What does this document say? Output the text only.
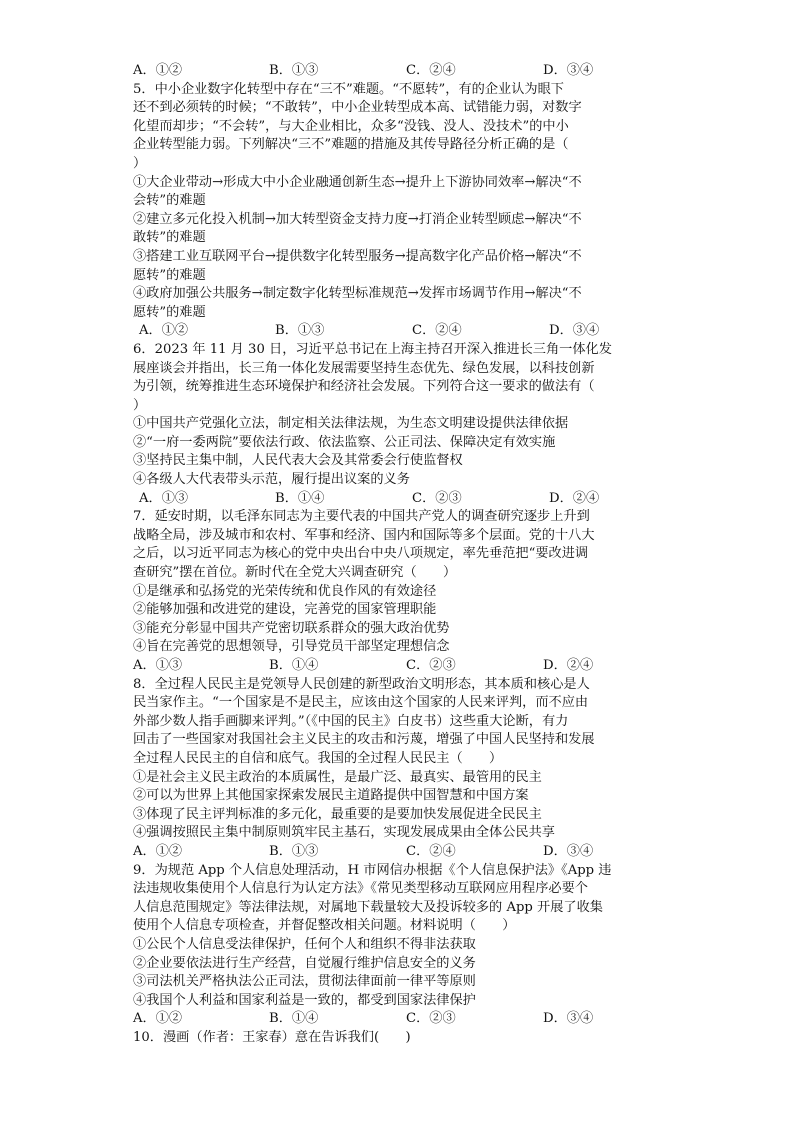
A．①②	B．①③	C．②④	D．③④
5．中小企业数字化转型中存在“三不”难题。“不愿转”，有的企业认为眼下
还不到必须转的时候；“不敢转”，中小企业转型成本高、试错能力弱，对数字
化望而却步；“不会转”，与大企业相比，众多“没钱、没人、没技术”的中小
企业转型能力弱。下列解决“三不”难题的措施及其传导路径分析正确的是（
）
①大企业带动→形成大中小企业融通创新生态→提升上下游协同效率→解决“不
会转”的难题
②建立多元化投入机制→加大转型资金支持力度→打消企业转型顾虑→解决“不
敢转”的难题
③搭建工业互联网平台→提供数字化转型服务→提高数字化产品价格→解决“不
愿转”的难题
④政府加强公共服务→制定数字化转型标准规范→发挥市场调节作用→解决“不
愿转”的难题
A．①②	B．①③	C．②④	D．③④
6．2023 年 11 月 30 日，习近平总书记在上海主持召开深入推进长三角一体化发
展座谈会并指出，长三角一体化发展需要坚持生态优先、绿色发展，以科技创新
为引领，统筹推进生态环境保护和经济社会发展。下列符合这一要求的做法有（
）
①中国共产党强化立法，制定相关法律法规，为生态文明建设提供法律依据
②“一府一委两院”要依法行政、依法监察、公正司法、保障决定有效实施
③坚持民主集中制，人民代表大会及其常委会行使监督权
④各级人大代表带头示范，履行提出议案的义务
A．①③	B．①④	C．②③	D．②④
7．延安时期，以毛泽东同志为主要代表的中国共产党人的调查研究逐步上升到
战略全局，涉及城市和农村、军事和经济、国内和国际等多个层面。党的十八大
之后，以习近平同志为核心的党中央出台中央八项规定，率先垂范把“要改进调
查研究”摆在首位。新时代在全党大兴调查研究（　　）
①是继承和弘扬党的光荣传统和优良作风的有效途径
②能够加强和改进党的建设，完善党的国家管理职能
③能充分彰显中国共产党密切联系群众的强大政治优势
④旨在完善党的思想领导，引导党员干部坚定理想信念
A．①③	B．①④	C．②③	D．②④
8．全过程人民民主是党领导人民创建的新型政治文明形态，其本质和核心是人
民当家作主。“一个国家是不是民主，应该由这个国家的人民来评判，而不应由
外部少数人指手画脚来评判。”（《中国的民主》白皮书）这些重大论断，有力
回击了一些国家对我国社会主义民主的攻击和污蔑，增强了中国人民坚持和发展
全过程人民民主的自信和底气。我国的全过程人民民主（　　）
①是社会主义民主政治的本质属性，是最广泛、最真实、最管用的民主
②可以为世界上其他国家探索发展民主道路提供中国智慧和中国方案
③体现了民主评判标准的多元化，最重要的是要加快发展促进全民民主
④强调按照民主集中制原则筑牢民主基石，实现发展成果由全体公民共享
A．①②	B．①③	C．②④	D．③④
9．为规范 App 个人信息处理活动，H 市网信办根据《个人信息保护法》《App 违
法违规收集使用个人信息行为认定方法》《常见类型移动互联网应用程序必要个
人信息范围规定》等法律法规，对属地下载量较大及投诉较多的 App 开展了收集
使用个人信息专项检查，并督促整改相关问题。材料说明（　　）
①公民个人信息受法律保护，任何个人和组织不得非法获取
②企业要依法进行生产经营，自觉履行维护信息安全的义务
③司法机关严格执法公正司法，贯彻法律面前一律平等原则
④我国个人利益和国家利益是一致的，都受到国家法律保护
A．①②	B．①④	C．②③	D．③④
10．漫画（作者：王家春）意在告诉我们(　　)
